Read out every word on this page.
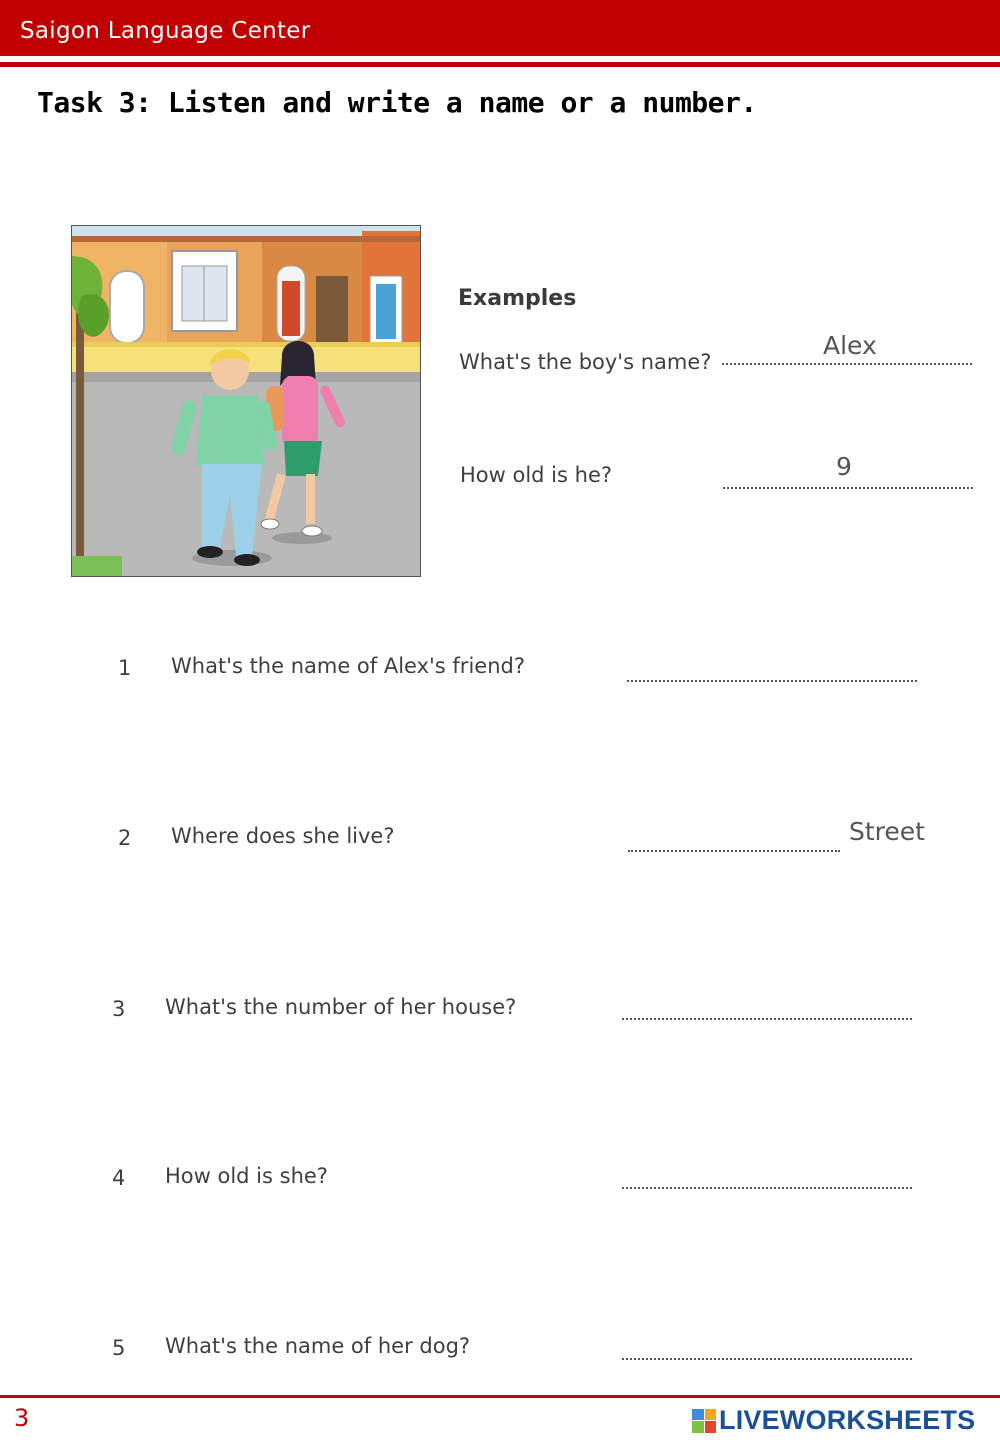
Saigon Language Center
Task 3: Listen and write a name or a number.
Examples
What's the boy's name?
Alex
How old is he?	9
1 What's the name of Alex's friend?
2 Where does she live?	Street
3 What's the number of her house?
4 How old is she?
5 What's the name of her dog?
3	LIVEWORKSHEETS
